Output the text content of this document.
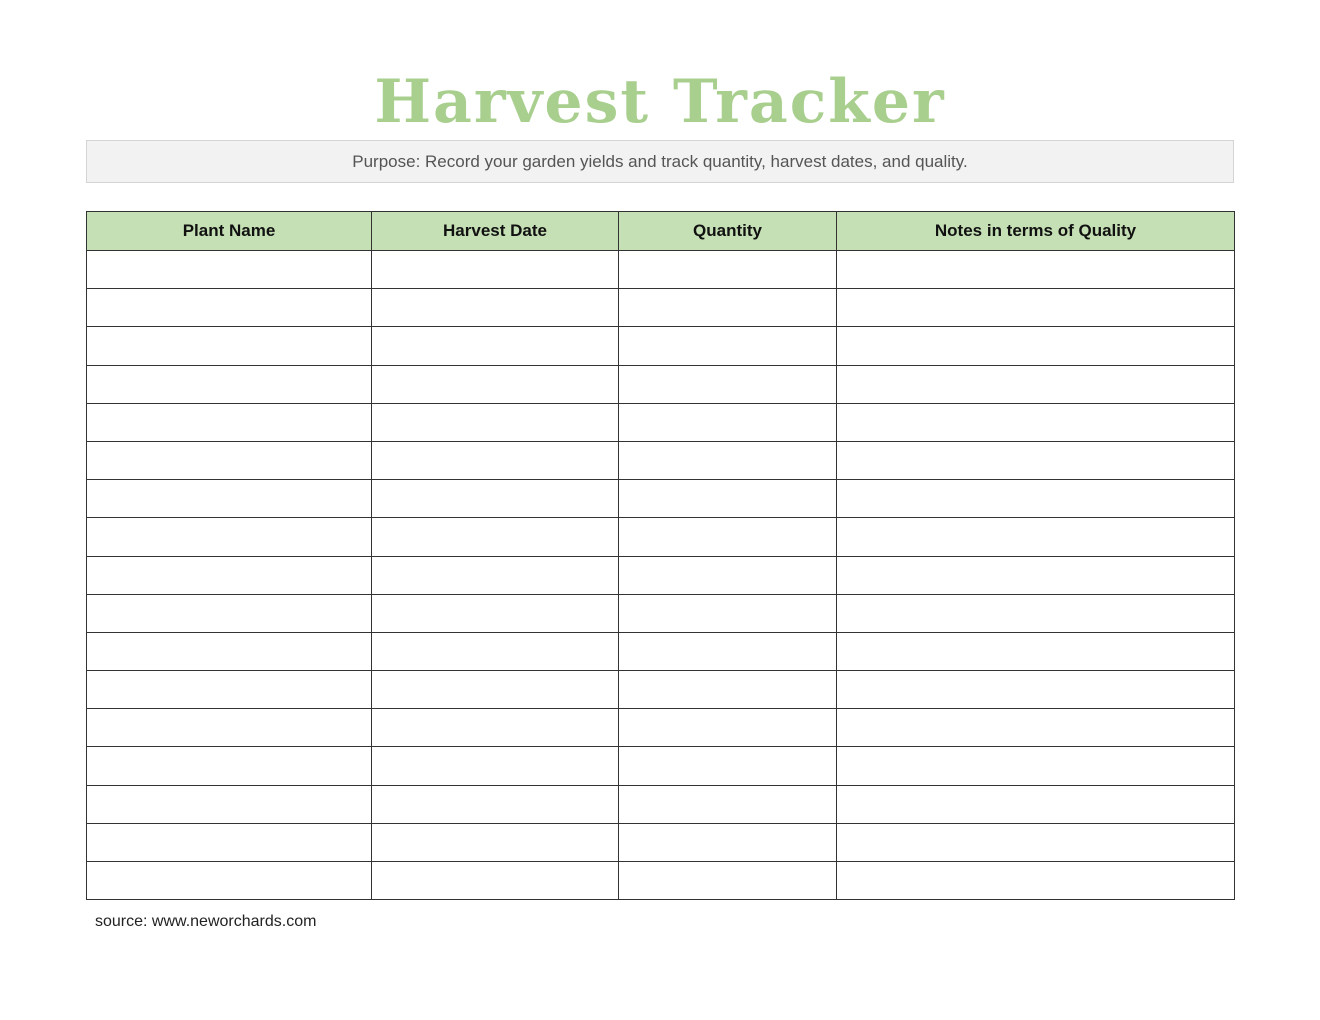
Harvest Tracker
Purpose: Record your garden yields and track quantity, harvest dates, and quality.
Plant Name	Harvest Date	Quantity	Notes in terms of Quality

source: www.neworchards.com
